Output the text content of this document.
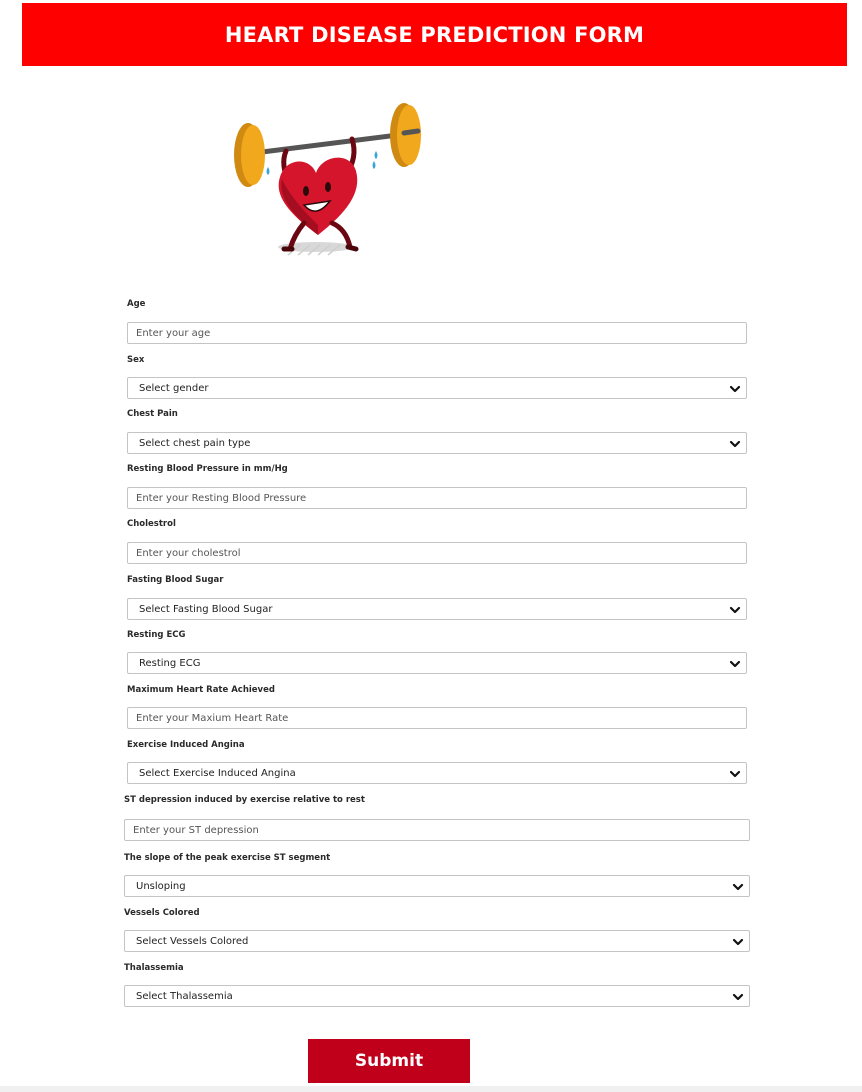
HEART DISEASE PREDICTION FORM
Age
Enter your age
Sex
Select gender
Chest Pain
Select chest pain type
Resting Blood Pressure in mm/Hg
Enter your Resting Blood Pressure
Cholestrol
Enter your cholestrol
Fasting Blood Sugar
Select Fasting Blood Sugar
Resting ECG
Resting ECG
Maximum Heart Rate Achieved
Enter your Maxium Heart Rate
Exercise Induced Angina
Select Exercise Induced Angina
ST depression induced by exercise relative to rest
Enter your ST depression
The slope of the peak exercise ST segment
Unsloping
Vessels Colored
Select Vessels Colored
Thalassemia
Select Thalassemia
Submit
